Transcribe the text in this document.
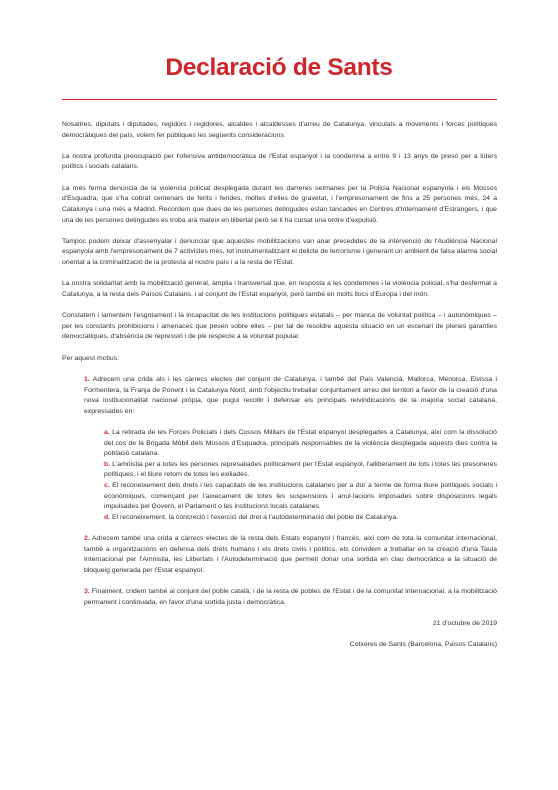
Declaració de Sants

Nosaltres, diputats i diputades, regidors i regidores, alcaldes i alcaldesses d'arreu de Catalunya, vinculats a moviments i forces polítiques democràtiques del país, volem fer públiques les següents consideracions.

La nostra profunda preocupació per l'ofensiva antidemocràtica de l'Estat espanyol i la condemna a entre 9 i 13 anys de presó per a líders polítics i socials catalans.

La més ferma denúncia de la violència policial desplegada durant les darreres setmanes per la Policia Nacional espanyola i els Mossos d'Esquadra, que s'ha cobrat centenars de ferits i ferides, moltes d'elles de gravetat, i l'empresonament de fins a 25 persones més, 24 a Catalunya i una més a Madrid. Recordem que dues de les persones detingudes estan tancades en Centres d'Internament d'Estrangers, i que una de les persones detingudes es troba ara mateix en llibertat però se li ha cursat una ordre d'expulsió.

Tampoc podem deixar d'assenyalar i denunciar que aquestes mobilitzacions van anar precedides de la intervenció de l'Audiència Nacional espanyola amb l'empresonament de 7 activistes més, tot instrumentalitzant el delicte de terrorisme i generant un ambient de falsa alarma social orientat a la criminalització de la protesta al nostre país i a la resta de l'Estat.

La nostra solidaritat amb la mobilització general, àmplia i transversal que, en resposta a les condemnes i la violència policial, s'ha desfermat a Catalunya, a la resta dels Països Catalans, i al conjunt de l'Estat espanyol, però també en molts llocs d'Europa i del món.

Constatem i lamentem l'esgotament i la incapacitat de les institucions polítiques estatals – per manca de voluntat política – i autonòmiques – per les constants prohibicions i amenaces que pesen sobre elles – per tal de resoldre aquesta situació en un escenari de plenes garanties democràtiques, d'absència de repressió i de ple respecte a la voluntat popular.

Per aquest motius:

1. Adrecem una crida als i les càrrecs electes del conjunt de Catalunya, i també del País Valencià, Mallorca, Menorca, Eivissa i Formentera, la Franja de Ponent i la Catalunya Nord, amb l'objectiu treballar conjuntament arreu del territori a favor de la creació d'una nova institucionalitat nacional pròpia, que pugui recollir i defensar els principals reivindicacions de la majoria social catalana, expressades en:
a. La retirada de les Forces Policials i dels Cossos Militars de l'Estat espanyol desplegades a Catalunya, així com la dissolució del cos de la Brigada Mòbil dels Mossos d'Esquadra, principals responsables de la violència desplegada aquests dies contra la població catalana.
b. L'amnistia per a totes les persones represaliades políticament per l'Estat espanyol, l'alliberament de tots i totes les presoneres polítiques, i el lliure retorn de totes les exiliades.
c. El reconeixement dels drets i les capacitats de les institucions catalanes per a dur a terme de forma lliure polítiques socials i econòmiques, començant per l'aixecament de totes les suspensions i anul·lacions imposades sobre disposicions legals impulsades pel Govern, el Parlament o les institucions locals catalanes.
d. El reconeixement, la concreció i l'exercici del dret a l'autodeterminació del poble de Catalunya.
2. Adrecem també una crida a càrrecs electes de la resta dels Estats espanyol i francès, així com de tota la comunitat internacional, també a organitzacions en defensa dels drets humans i els drets civils i polítics, els convidem a treballar en la creació d'una Taula Internacional per l'Amnistia, les Llibertats i l'Autodeterminació que permeti donar una sortida en clau democràtica a la situació de bloqueig generada per l'Estat espanyol.
3. Finalment, cridem també al conjunt del poble català, i de la resta de pobles de l'Estat i de la comunitat internacional, a la mobilització permanent i continuada, en favor d'una sortida justa i democràtica.

21 d'octubre de 2019

Cotxeres de Sants (Barcelona, Països Catalans)
